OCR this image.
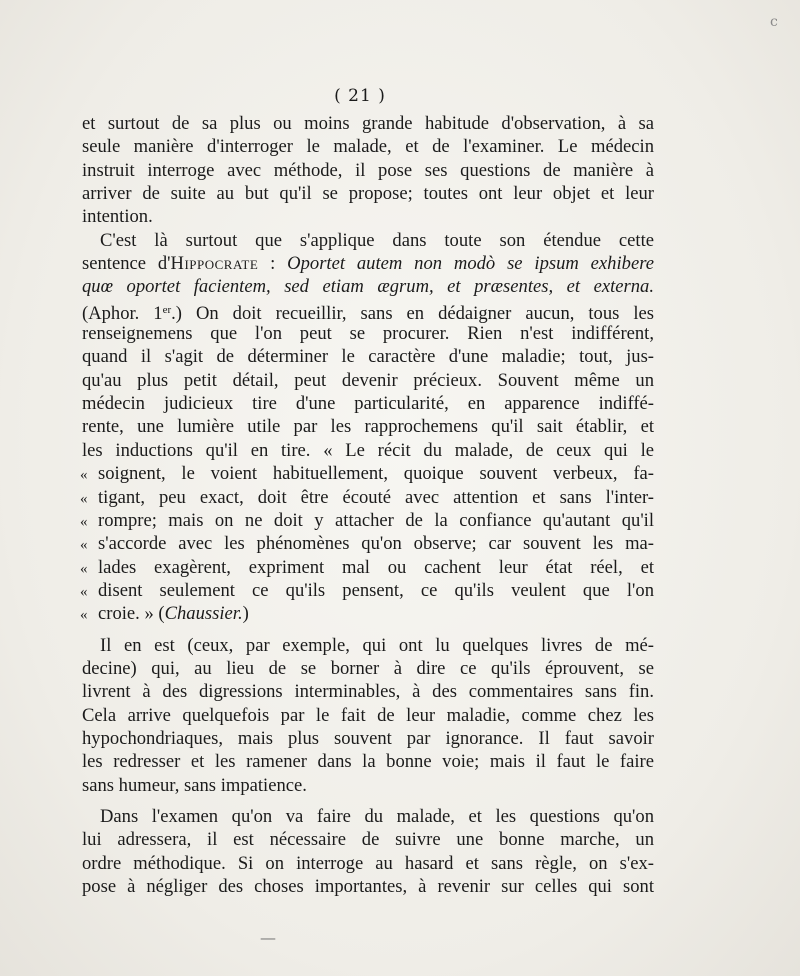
c
( 21 )
et surtout de sa plus ou moins grande habitude d'observation, à sa
seule manière d'interroger le malade, et de l'examiner. Le médecin
instruit interroge avec méthode, il pose ses questions de manière à
arriver de suite au but qu'il se propose; toutes ont leur objet et leur
intention.
C'est là surtout que s'applique dans toute son étendue cette
sentence d'Hippocrate : Oportet autem non modò se ipsum exhibere
quœ oportet facientem, sed etiam ægrum, et præsentes, et externa.
(Aphor. 1er.) On doit recueillir, sans en dédaigner aucun, tous les
renseignemens que l'on peut se procurer. Rien n'est indifférent,
quand il s'agit de déterminer le caractère d'une maladie; tout, jus-
qu'au plus petit détail, peut devenir précieux. Souvent même un
médecin judicieux tire d'une particularité, en apparence indiffé-
rente, une lumière utile par les rapprochemens qu'il sait établir, et
les inductions qu'il en tire. « Le récit du malade, de ceux qui le
« soignent, le voient habituellement, quoique souvent verbeux, fa-
« tigant, peu exact, doit être écouté avec attention et sans l'inter-
« rompre; mais on ne doit y attacher de la confiance qu'autant qu'il
« s'accorde avec les phénomènes qu'on observe; car souvent les ma-
« lades exagèrent, expriment mal ou cachent leur état réel, et
« disent seulement ce qu'ils pensent, ce qu'ils veulent que l'on
« croie. » (Chaussier.)
Il en est (ceux, par exemple, qui ont lu quelques livres de mé-
decine) qui, au lieu de se borner à dire ce qu'ils éprouvent, se
livrent à des digressions interminables, à des commentaires sans fin.
Cela arrive quelquefois par le fait de leur maladie, comme chez les
hypochondriaques, mais plus souvent par ignorance. Il faut savoir
les redresser et les ramener dans la bonne voie; mais il faut le faire
sans humeur, sans impatience.
Dans l'examen qu'on va faire du malade, et les questions qu'on
lui adressera, il est nécessaire de suivre une bonne marche, un
ordre méthodique. Si on interroge au hasard et sans règle, on s'ex-
pose à négliger des choses importantes, à revenir sur celles qui sont
—
